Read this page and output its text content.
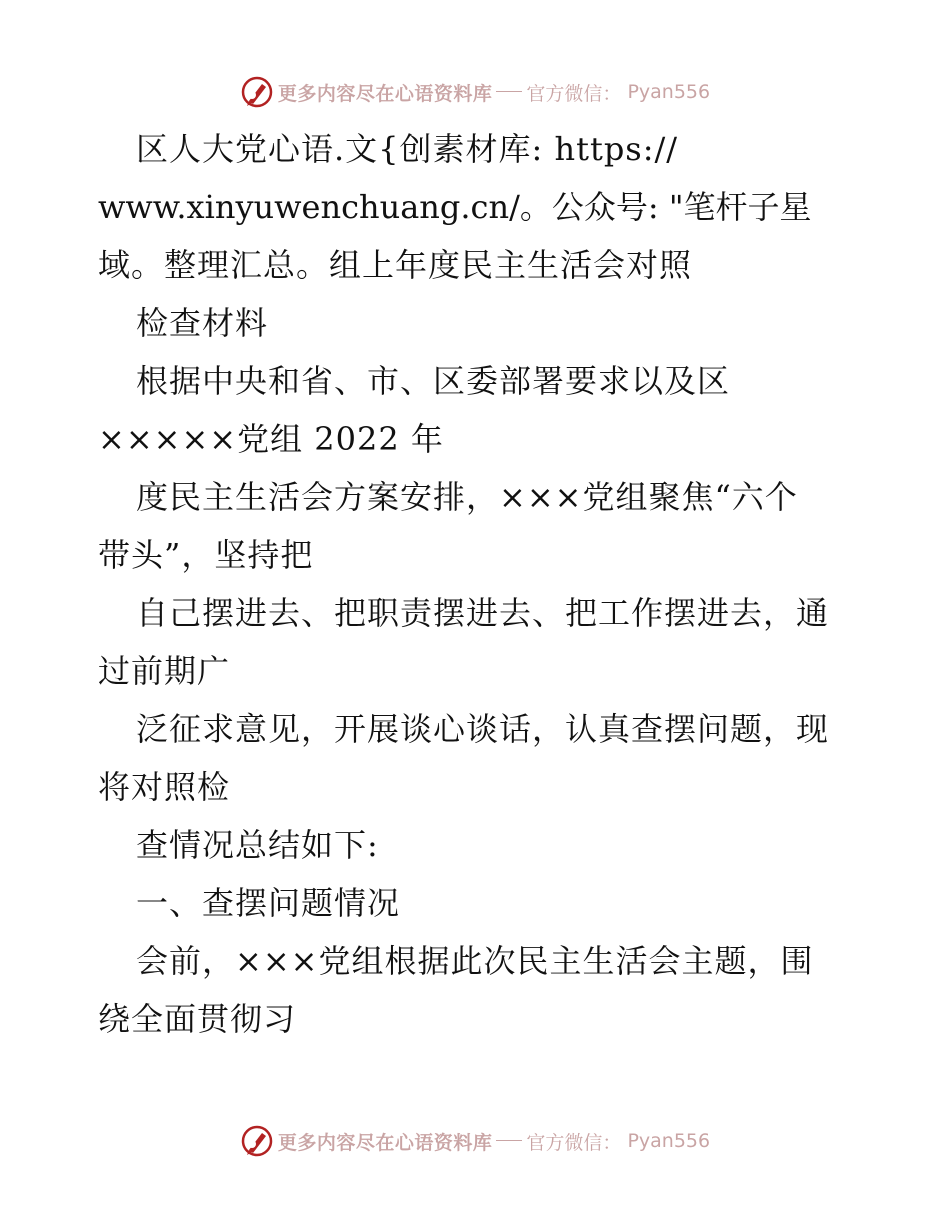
更多内容尽在心语资料库 官方微信： Pyan556
区人大党心语.文{创素材库: https://
www.xinyuwenchuang.cn/。公众号: "笔杆子星
域。整理汇总。组上年度民主生活会对照
检查材料
根据中央和省、市、区委部署要求以及区
×××××党组 2022 年
度民主生活会方案安排，×××党组聚焦“六个
带头”，坚持把
自己摆进去、把职责摆进去、把工作摆进去，通
过前期广
泛征求意见，开展谈心谈话，认真查摆问题，现
将对照检
查情况总结如下:
一、查摆问题情况
会前，×××党组根据此次民主生活会主题，围
绕全面贯彻习
更多内容尽在心语资料库 官方微信： Pyan556
